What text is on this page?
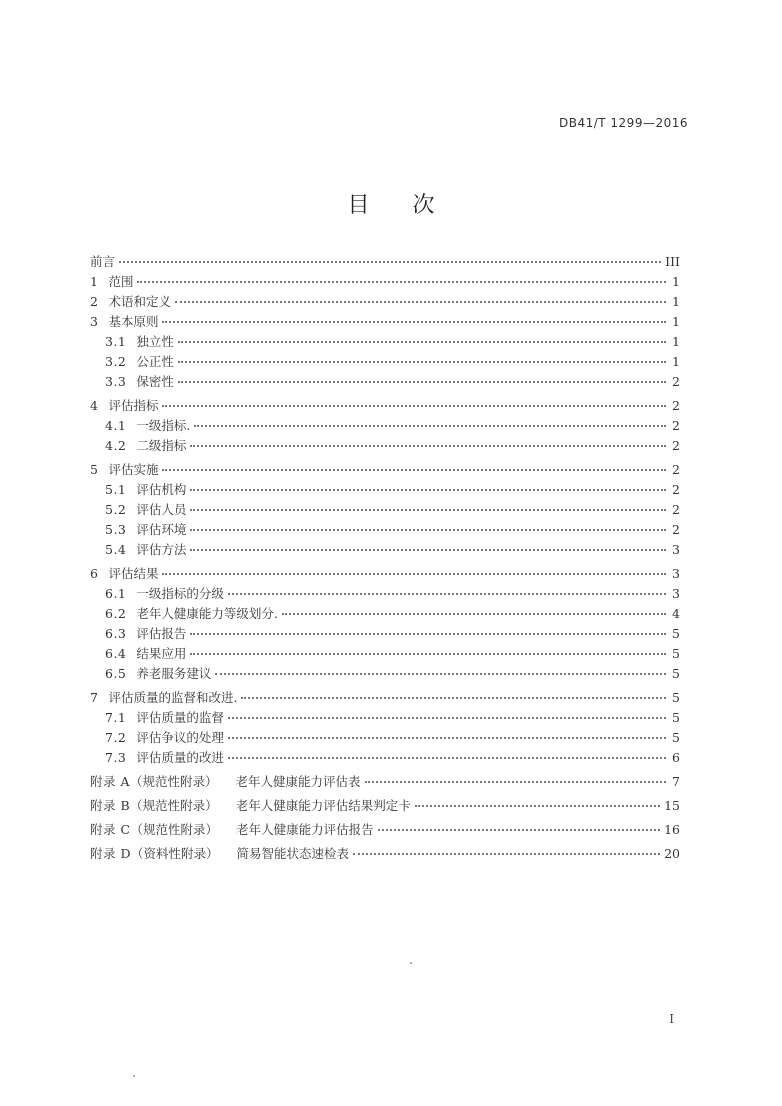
DB41/T 1299—2016
目 次
前言	III
1 范围	1
2 术语和定义	1
3 基本原则	1
3.1 独立性	1
3.2 公正性	1
3.3 保密性	2
4 评估指标	2
4.1 一级指标.	2
4.2 二级指标	2
5 评估实施	2
5.1 评估机构	2
5.2 评估人员	2
5.3 评估环境	2
5.4 评估方法	3
6 评估结果	3
6.1 一级指标的分级	3
6.2 老年人健康能力等级划分.	4
6.3 评估报告	5
6.4 结果应用	5
6.5 养老服务建议	5
7 评估质量的监督和改进.	5
7.1 评估质量的监督	5
7.2 评估争议的处理	5
7.3 评估质量的改进	6
附录 A （规范性附录） 老年人健康能力评估表	7
附录 B （规范性附录） 老年人健康能力评估结果判定卡	15
附录 C （规范性附录） 老年人健康能力评估报告	16
附录 D （资料性附录） 简易智能状态速检表	20
I
